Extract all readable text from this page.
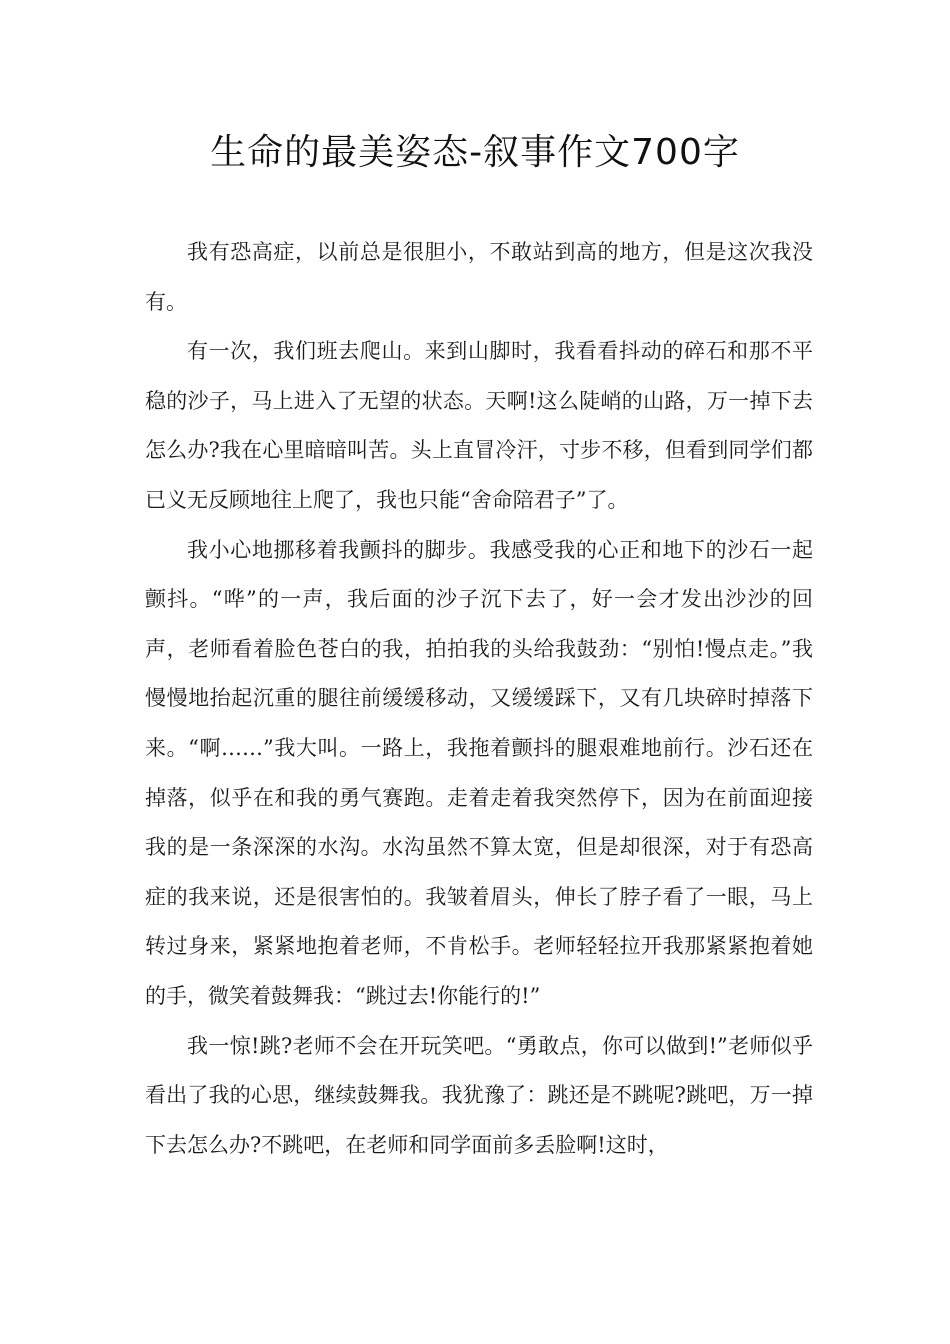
生命的最美姿态-叙事作文700字

我有恐高症，以前总是很胆小，不敢站到高的地方，但是这次我没有。

有一次，我们班去爬山。来到山脚时，我看看抖动的碎石和那不平稳的沙子，马上进入了无望的状态。天啊!这么陡峭的山路，万一掉下去怎么办?我在心里暗暗叫苦。头上直冒冷汗，寸步不移，但看到同学们都已义无反顾地往上爬了，我也只能“舍命陪君子”了。

我小心地挪移着我颤抖的脚步。我感受我的心正和地下的沙石一起颤抖。“哗”的一声，我后面的沙子沉下去了，好一会才发出沙沙的回声，老师看着脸色苍白的我，拍拍我的头给我鼓劲：“别怕!慢点走。”我慢慢地抬起沉重的腿往前缓缓移动，又缓缓踩下，又有几块碎时掉落下来。“啊……”我大叫。一路上，我拖着颤抖的腿艰难地前行。沙石还在掉落，似乎在和我的勇气赛跑。走着走着我突然停下，因为在前面迎接我的是一条深深的水沟。水沟虽然不算太宽，但是却很深，对于有恐高症的我来说，还是很害怕的。我皱着眉头，伸长了脖子看了一眼，马上转过身来，紧紧地抱着老师，不肯松手。老师轻轻拉开我那紧紧抱着她的手，微笑着鼓舞我：“跳过去!你能行的!”

我一惊!跳?老师不会在开玩笑吧。“勇敢点，你可以做到!”老师似乎看出了我的心思，继续鼓舞我。我犹豫了：跳还是不跳呢?跳吧，万一掉下去怎么办?不跳吧，在老师和同学面前多丢脸啊!这时，
